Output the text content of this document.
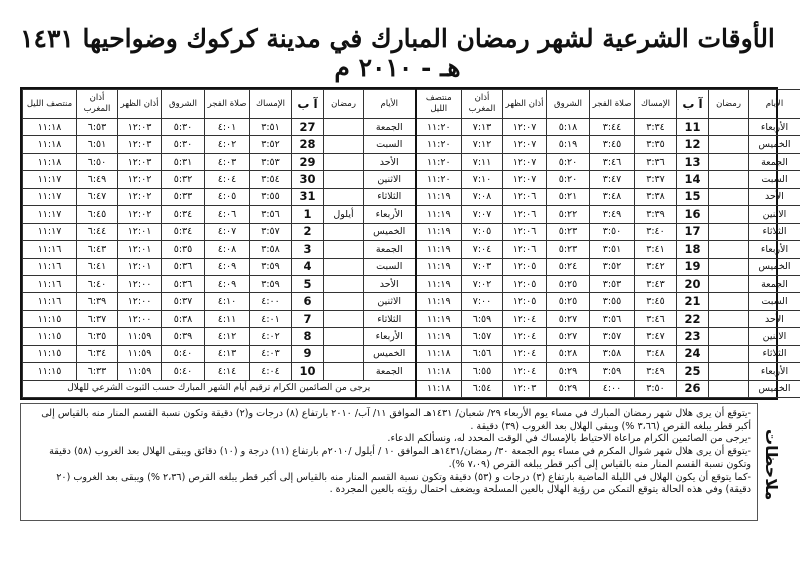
الأوقات الشرعية لشهر رمضان المبارك في مدينة كركوك وضواحيها ١٤٣١ هـ - ٢٠١٠ م
الأيام	رمضان	آ ب	الإمساك	صلاة الفجر	الشروق	أذان الظهر	أذان المغرب	منتصف الليل	الأيام	رمضان	آ ب	الإمساك	صلاة الفجر	الشروق	أذان الظهر	أذان المغرب	منتصف الليل
الأربعاء		11	٣:٣٤	٣:٤٤	٥:١٨	١٢:٠٧	٧:١٣	١١:٢٠	الجمعة		27	٣:٥١	٤:٠١	٥:٣٠	١٢:٠٣	٦:٥٣	١١:١٨
الخميس		12	٣:٣٥	٣:٤٥	٥:١٩	١٢:٠٧	٧:١٢	١١:٢٠	السبت		28	٣:٥٢	٤:٠٢	٥:٣٠	١٢:٠٣	٦:٥١	١١:١٨
الجمعة		13	٣:٣٦	٣:٤٦	٥:٢٠	١٢:٠٧	٧:١١	١١:٢٠	الأحد		29	٣:٥٣	٤:٠٣	٥:٣١	١٢:٠٣	٦:٥٠	١١:١٨
السبت		14	٣:٣٧	٣:٤٧	٥:٢٠	١٢:٠٧	٧:١٠	١١:٢٠	الاثنين		30	٣:٥٤	٤:٠٤	٥:٣٢	١٢:٠٢	٦:٤٩	١١:١٧
الأحد		15	٣:٣٨	٣:٤٨	٥:٢١	١٢:٠٦	٧:٠٨	١١:١٩	الثلاثاء		31	٣:٥٥	٤:٠٥	٥:٣٣	١٢:٠٢	٦:٤٧	١١:١٧
الاثنين		16	٣:٣٩	٣:٤٩	٥:٢٢	١٢:٠٦	٧:٠٧	١١:١٩	الأربعاء	أيلول	1	٣:٥٦	٤:٠٦	٥:٣٤	١٢:٠٢	٦:٤٥	١١:١٧
الثلاثاء		17	٣:٤٠	٣:٥٠	٥:٢٣	١٢:٠٦	٧:٠٥	١١:١٩	الخميس		2	٣:٥٧	٤:٠٧	٥:٣٤	١٢:٠١	٦:٤٤	١١:١٧
الأربعاء		18	٣:٤١	٣:٥١	٥:٢٣	١٢:٠٦	٧:٠٤	١١:١٩	الجمعة		3	٣:٥٨	٤:٠٨	٥:٣٥	١٢:٠١	٦:٤٣	١١:١٦
الخميس		19	٣:٤٢	٣:٥٢	٥:٢٤	١٢:٠٥	٧:٠٣	١١:١٩	السبت		4	٣:٥٩	٤:٠٩	٥:٣٦	١٢:٠١	٦:٤١	١١:١٦
الجمعة		20	٣:٤٣	٣:٥٣	٥:٢٥	١٢:٠٥	٧:٠٢	١١:١٩	الأحد		5	٣:٥٩	٤:٠٩	٥:٣٦	١٢:٠٠	٦:٤٠	١١:١٦
السبت		21	٣:٤٥	٣:٥٥	٥:٢٥	١٢:٠٥	٧:٠٠	١١:١٩	الاثنين		6	٤:٠٠	٤:١٠	٥:٣٧	١٢:٠٠	٦:٣٩	١١:١٦
الأحد		22	٣:٤٦	٣:٥٦	٥:٢٧	١٢:٠٤	٦:٥٩	١١:١٩	الثلاثاء		7	٤:٠١	٤:١١	٥:٣٨	١٢:٠٠	٦:٣٧	١١:١٥
الاثنين		23	٣:٤٧	٣:٥٧	٥:٢٧	١٢:٠٤	٦:٥٧	١١:١٩	الأربعاء		8	٤:٠٢	٤:١٢	٥:٣٩	١١:٥٩	٦:٣٥	١١:١٥
الثلاثاء		24	٣:٤٨	٣:٥٨	٥:٢٨	١٢:٠٤	٦:٥٦	١١:١٨	الخميس		9	٤:٠٣	٤:١٣	٥:٤٠	١١:٥٩	٦:٣٤	١١:١٥
الأربعاء		25	٣:٤٩	٣:٥٩	٥:٢٩	١٢:٠٤	٦:٥٥	١١:١٨	الجمعة		10	٤:٠٤	٤:١٤	٥:٤٠	١١:٥٩	٦:٣٣	١١:١٥
الخميس		26	٣:٥٠	٤:٠٠	٥:٢٩	١٢:٠٣	٦:٥٤	١١:١٨	يرجى من الصائمين الكرام ترقيم أيام الشهر المبارك حسب الثبوت الشرعي للهلال								

-يتوقع أن يرى هلال شهر رمضان المبارك في مساء يوم الأربعاء ٢٩/ شعبان/ ١٤٣١هـ الموافق ١١/ آب/ ٢٠١٠ بارتفاع (٨) درجات و(٢) دقيقة وتكون نسبة القسم المنار منه بالقياس إلى أكبر قطر يبلغه القرص (٣،٦٦ %) ويبقى الهلال بعد الغروب (٣٩) دقيقة .

-يرجى من الصائمين الكرام مراعاة الاحتياط بالإمساك في الوقت المحدد له، ونسألكم الدعاء.

-يتوقع أن يرى هلال شهر شوال المكرم في مساء يوم الجمعة ٣٠/ رمضان/١٤٣١هـ الموافق ١٠ / أيلول /٢٠١٠م بارتفاع (١١) درجة و (١٠) دقائق ويبقى الهلال بعد الغروب (٥٨) دقيقة وتكون نسبة القسم المنار منه بالقياس إلى أكبر قطر يبلغه القرص (٧،٠٩ %).

-كما يتوقع أن يكون الهلال في الليلة الماضية بارتفاع (٣) درجات و (٥٣) دقيقة وتكون نسبة القسم المنار منه بالقياس إلى أكبر قطر يبلغه القرص (٢،٣٦ %) ويبقى بعد الغروب (٢٠ دقيقة) وفي هذه الحالة يتوقع التمكن من رؤية الهلال بالعين المسلحة ويضعف احتمال رؤيته بالعين المجردة . ملاحظات
